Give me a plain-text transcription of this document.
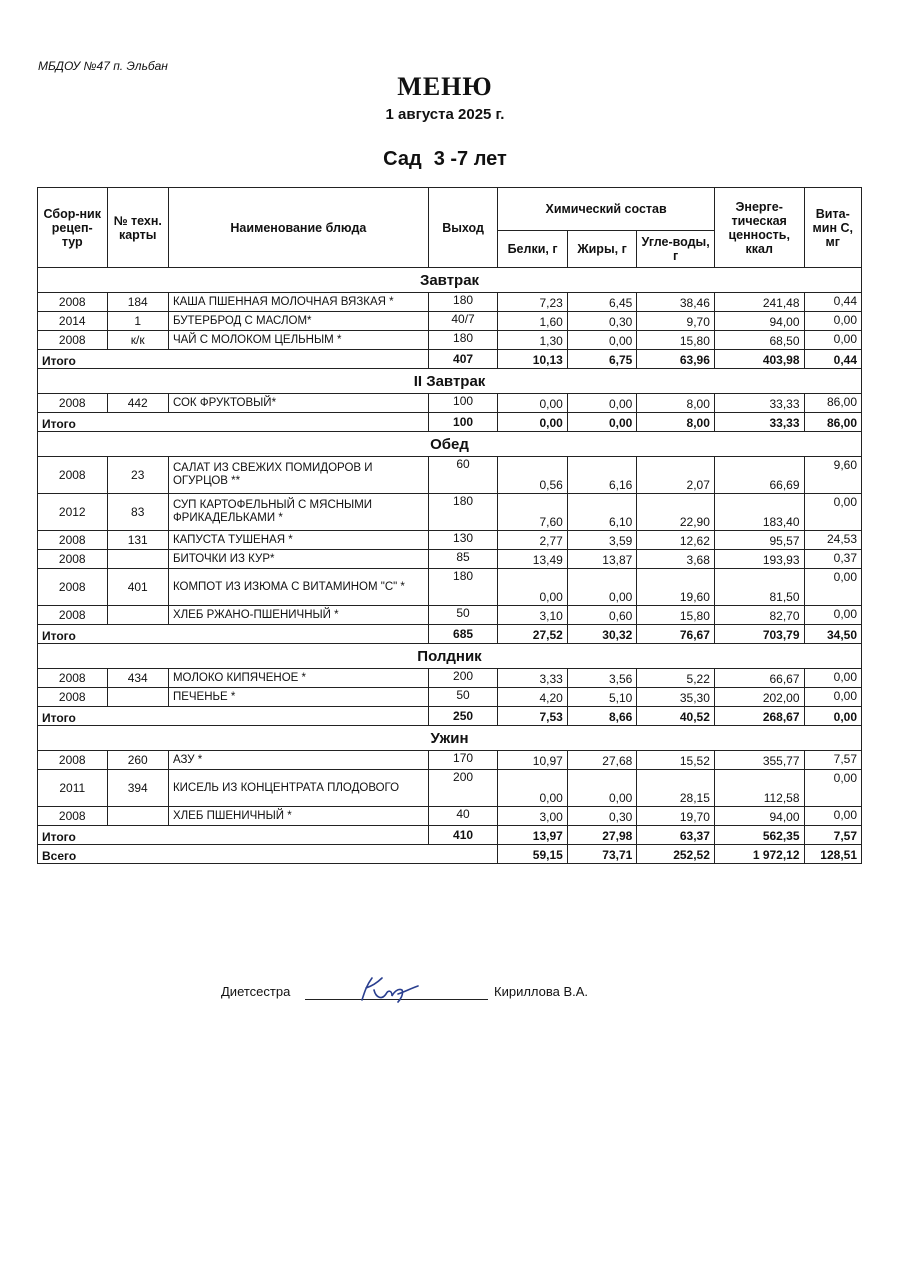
МБДОУ №47 п. Эльбан
МЕНЮ
1 августа 2025 г.
Сад 3 -7 лет
Сбор-ник рецеп-тур	№ техн. карты	Наименование блюда	Выход	Химический состав			Энерге-тическая ценность, ккал	Вита-мин С, мг
				Белки, г	Жиры, г	Угле-воды, г		
Завтрак								
2008	184	КАША ПШЕННАЯ МОЛОЧНАЯ ВЯЗКАЯ *	180	7,23	6,45	38,46	241,48	0,44
2014	1	БУТЕРБРОД С МАСЛОМ*	40/7	1,60	0,30	9,70	94,00	0,00
2008	к/к	ЧАЙ С МОЛОКОМ ЦЕЛЬНЫМ *	180	1,30	0,00	15,80	68,50	0,00
Итого			407	10,13	6,75	63,96	403,98	0,44
II Завтрак								
2008	442	СОК ФРУКТОВЫЙ*	100	0,00	0,00	8,00	33,33	86,00
Итого			100	0,00	0,00	8,00	33,33	86,00
Обед								
2008	23	САЛАТ ИЗ СВЕЖИХ ПОМИДОРОВ И ОГУРЦОВ **	60	0,56	6,16	2,07	66,69	9,60
2012	83	СУП КАРТОФЕЛЬНЫЙ С МЯСНЫМИ ФРИКАДЕЛЬКАМИ *	180	7,60	6,10	22,90	183,40	0,00
2008	131	КАПУСТА ТУШЕНАЯ *	130	2,77	3,59	12,62	95,57	24,53
2008		БИТОЧКИ ИЗ КУР*	85	13,49	13,87	3,68	193,93	0,37
2008	401	КОМПОТ ИЗ ИЗЮМА С ВИТАМИНОМ "С" *	180	0,00	0,00	19,60	81,50	0,00
2008		ХЛЕБ РЖАНО-ПШЕНИЧНЫЙ *	50	3,10	0,60	15,80	82,70	0,00
Итого			685	27,52	30,32	76,67	703,79	34,50
Полдник								
2008	434	МОЛОКО КИПЯЧЕНОЕ *	200	3,33	3,56	5,22	66,67	0,00
2008		ПЕЧЕНЬЕ *	50	4,20	5,10	35,30	202,00	0,00
Итого			250	7,53	8,66	40,52	268,67	0,00
Ужин								
2008	260	АЗУ *	170	10,97	27,68	15,52	355,77	7,57
2011	394	КИСЕЛЬ ИЗ КОНЦЕНТРАТА ПЛОДОВОГО	200	0,00	0,00	28,15	112,58	0,00
2008		ХЛЕБ ПШЕНИЧНЫЙ *	40	3,00	0,30	19,70	94,00	0,00
Итого			410	13,97	27,98	63,37	562,35	7,57
Всего				59,15	73,71	252,52	1 972,12	128,51
Диетсестра	Кириллова В.А.
